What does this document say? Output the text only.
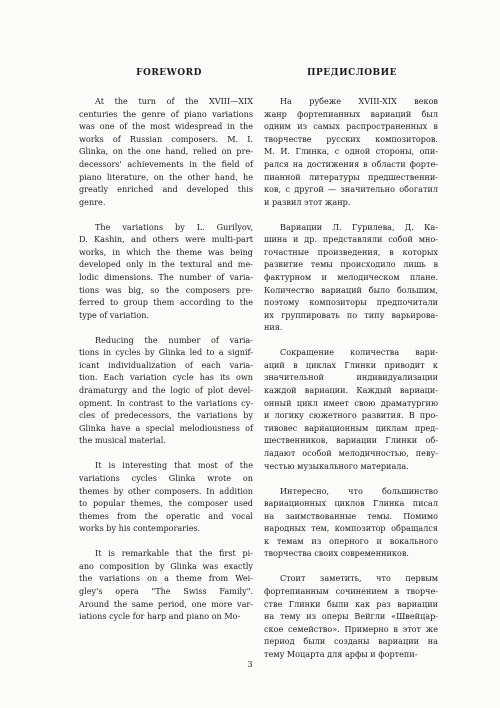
FOREWORD	ПРЕДИСЛОВИЕ
At the turn of the XVIII—XIX
centuries the genre of piano variations
was one of the most widespread in the
works of Russian composers. M. I.
Glinka, on the one hand, relied on pre-
decessors' achievements in the field of
piano literature, on the other hand, he
greatly enriched and developed this
genre.
The variations by L. Gurilyov,
D. Kashin, and others were multi-part
works, in which the theme was being
developed only in the textural and me-
lodic dimensions. The number of varia-
tions was big, so the composers pre-
ferred to group them according to the
type of variation.
Reducing the number of varia-
tions in cycles by Glinka led to a signif-
icant individualization of each varia-
tion. Each variation cycle has its own
dramaturgy and the logic of plot devel-
opment. In contrast to the variations cy-
cles of predecessors, the variations by
Glinka have a special melodiousness of
the musical material.
It is interesting that most of the
variations cycles Glinka wrote on
themes by other composers. In addition
to popular themes, the composer used
themes from the operatic and vocal
works by his contemporaries.
It is remarkable that the first pi-
ano composition by Glinka was exactly
the variations on a theme from Wei-
gley's opera "The Swiss Family".
Around the same period, one more var-
iations cycle for harp and piano on Mo-
На рубеже XVIII-XIX веков
жанр фортепианных вариаций был
одним из самых распространенных в
творчестве русских композиторов.
М. И. Глинка, с одной стороны, опи-
рался на достижения в области форте-
пианной литературы предшественни-
ков, с другой — значительно обогатил
и развил этот жанр.
Вариации Л. Гурилева, Д. Ка-
шина и др. представляли собой мно-
гочастные произведения, в которых
развитие темы происходило лишь в
фактурном и мелодическом плане.
Количество вариаций было большим,
поэтому композиторы предпочитали
их группировать по типу варьирова-
ния.
Сокращение количества вари-
аций в циклах Глинки приводит к
значительной индивидуализации
каждой вариации. Каждый вариаци-
онный цикл имеет свою драматургию
и логику сюжетного развития. В про-
тивовес вариационным циклам пред-
шественников, вариации Глинки об-
ладают особой мелодичностью, певу-
честью музыкального материала.
Интересно, что большинство
вариационных циклов Глинка писал
на заимствованные темы. Помимо
народных тем, композитор обращался
к темам из оперного и вокального
творчества своих современников.
Стоит заметить, что первым
фортепианным сочинением в творче-
стве Глинки были как раз вариации
на тему из оперы Вейгли «Швейцар-
ское семейство». Примерно в этот же
период были созданы вариации на
тему Моцарта для арфы и фортепи-
3
